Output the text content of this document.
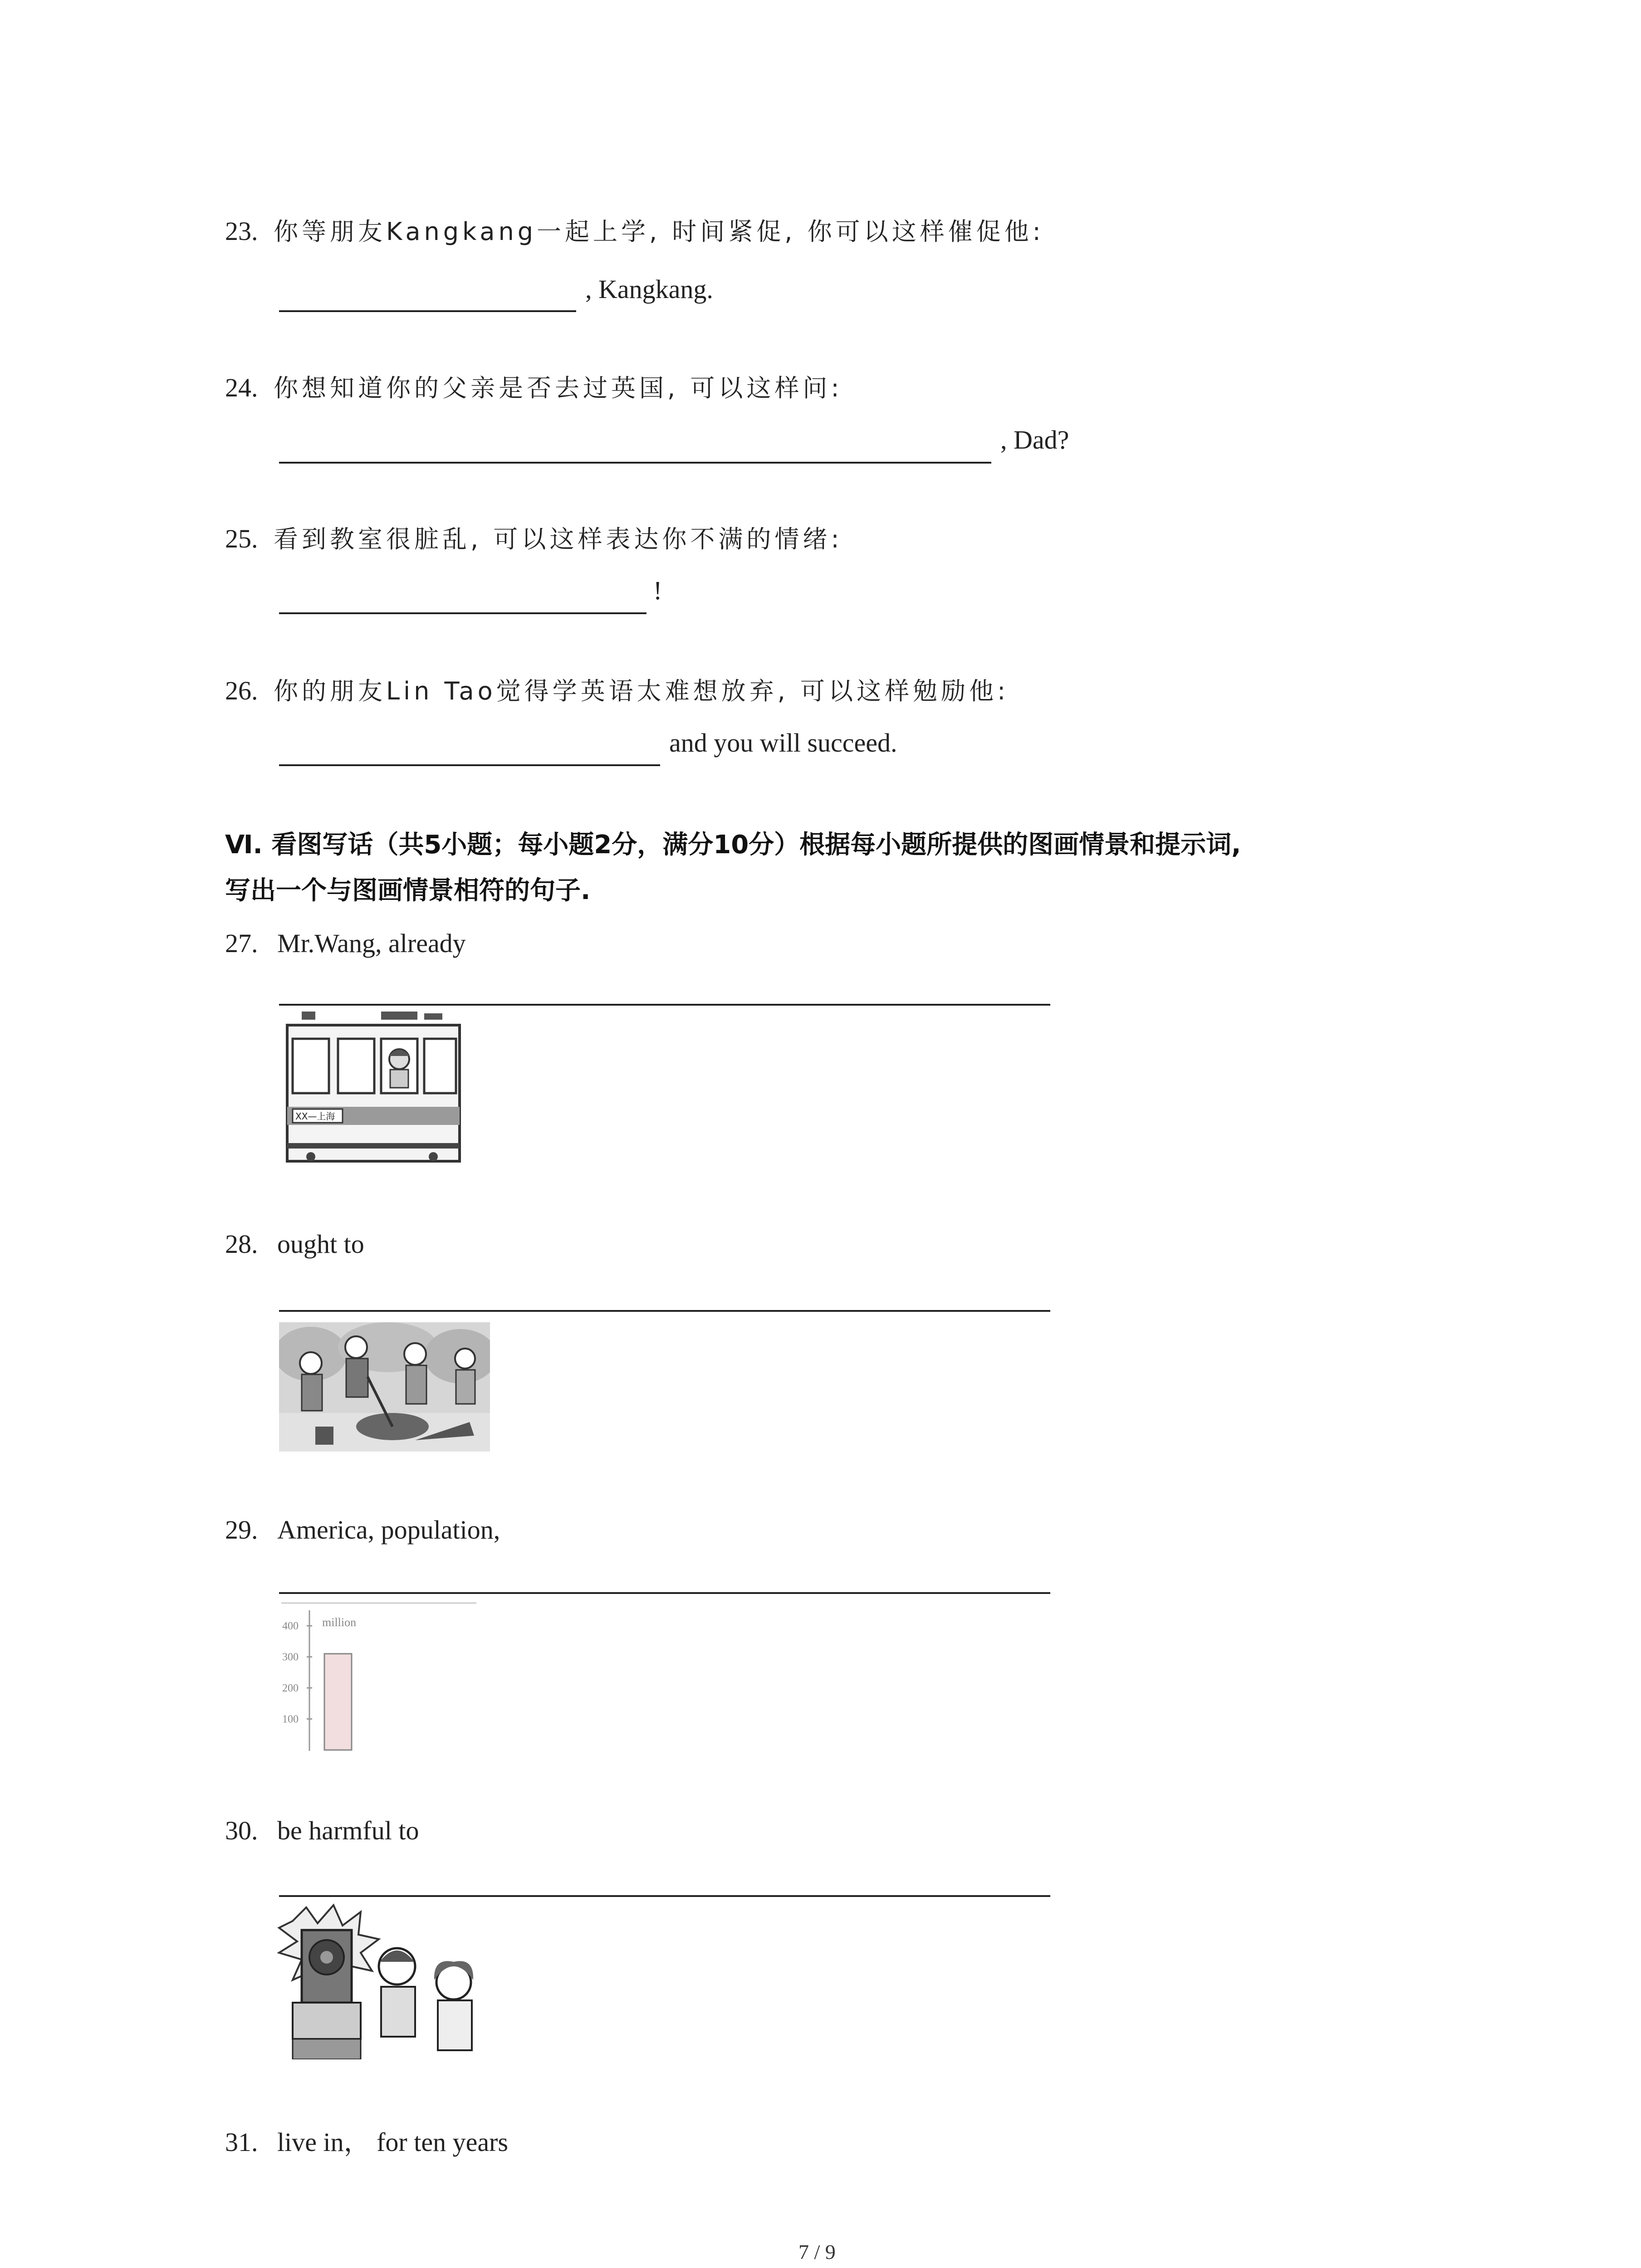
23. 你等朋友Kangkang一起上学, 时间紧促, 你可以这样催促他:
, Kangkang.
24. 你想知道你的父亲是否去过英国, 可以这样问:
, Dad?
25. 看到教室很脏乱, 可以这样表达你不满的情绪:
!
26. 你的朋友Lin Tao觉得学英语太难想放弃, 可以这样勉励他:
and you will succeed.
Ⅵ. 看图写话（共5小题；每小题2分，满分10分）根据每小题所提供的图画情景和提示词,
写出一个与图画情景相符的句子.
27. Mr.Wang, already
XX—上海
28. ought to
29. America, population,
million
400
300
200
100
30. be harmful to
31. live in， for ten years
7 / 9
